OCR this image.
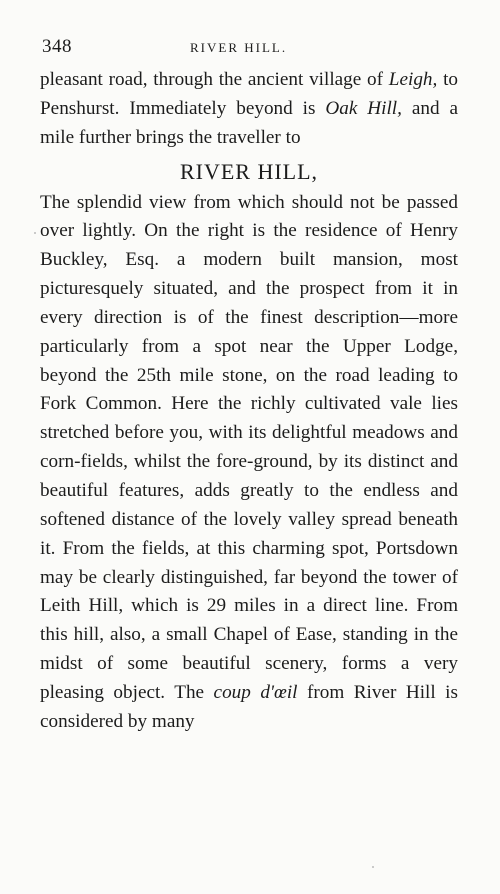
348	RIVER HILL.

pleasant road, through the ancient village of Leigh, to Penshurst. Immediately beyond is Oak Hill, and a mile further brings the traveller to

RIVER HILL,

The splendid view from which should not be passed over lightly. On the right is the residence of Henry Buckley, Esq. a modern built mansion, most picturesquely situated, and the prospect from it in every direction is of the finest description—more particularly from a spot near the Upper Lodge, beyond the 25th mile stone, on the road leading to Fork Common. Here the richly cultivated vale lies stretched before you, with its delightful meadows and corn-fields, whilst the fore-ground, by its distinct and beautiful features, adds greatly to the endless and softened distance of the lovely valley spread beneath it. From the fields, at this charming spot, Portsdown may be clearly distinguished, far beyond the tower of Leith Hill, which is 29 miles in a direct line. From this hill, also, a small Chapel of Ease, standing in the midst of some beautiful scenery, forms a very pleasing object. The coup d'œil from River Hill is considered by many
